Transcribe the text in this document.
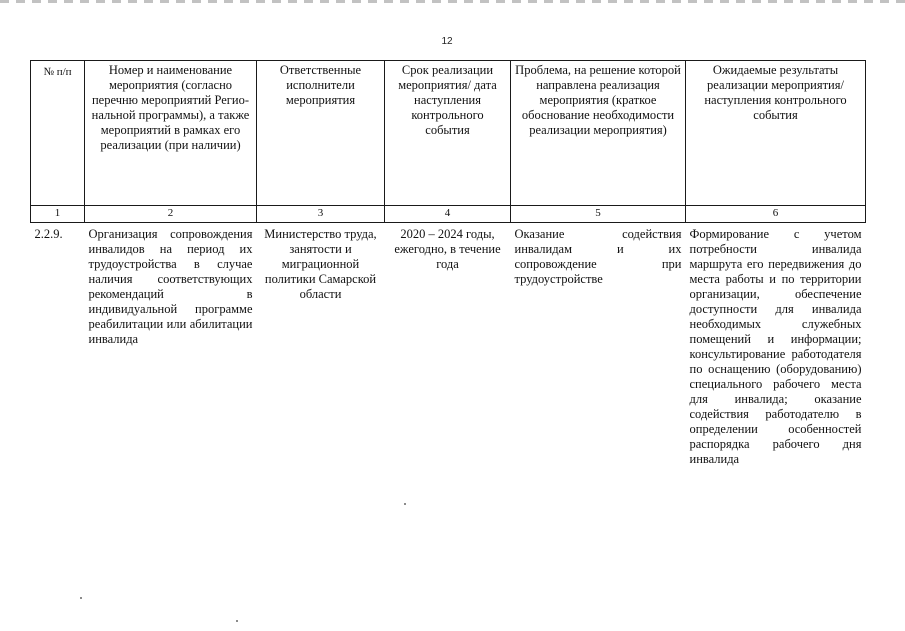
12
№ п/п	Номер и наименование мероприятия (согласно перечню мероприятий Регио-нальной программы), а также мероприятий в рамках его реализации (при наличии)	Ответственные исполнители мероприятия	Срок реализации мероприятия/ дата наступления контрольного события	Проблема, на решение которой направлена реализация мероприятия (краткое обоснование необходимости реализации мероприятия)	Ожидаемые результаты реализации мероприятия/ наступления контрольного события
1	2	3	4	5	6
2.2.9.	Организация сопровождения инвалидов на период их трудоустройства в случае наличия соответствующих рекомендаций в индивидуальной программе реабилитации или абилитации инвалида	Министерство труда, занятости и миграционной политики Самарской области	2020 – 2024 годы, ежегодно, в течение года	Оказание содействия инвалидам и их сопровождение при трудоустройстве	Формирование с учетом потребности инвалида маршрута его передвижения до места работы и по территории организации, обеспечение доступности для инвалида необходимых служебных помещений и информации; консультирование работодателя по оснащению (оборудованию) специального рабочего места для инвалида; оказание содействия работодателю в определении особенностей распорядка рабочего дня инвалида
